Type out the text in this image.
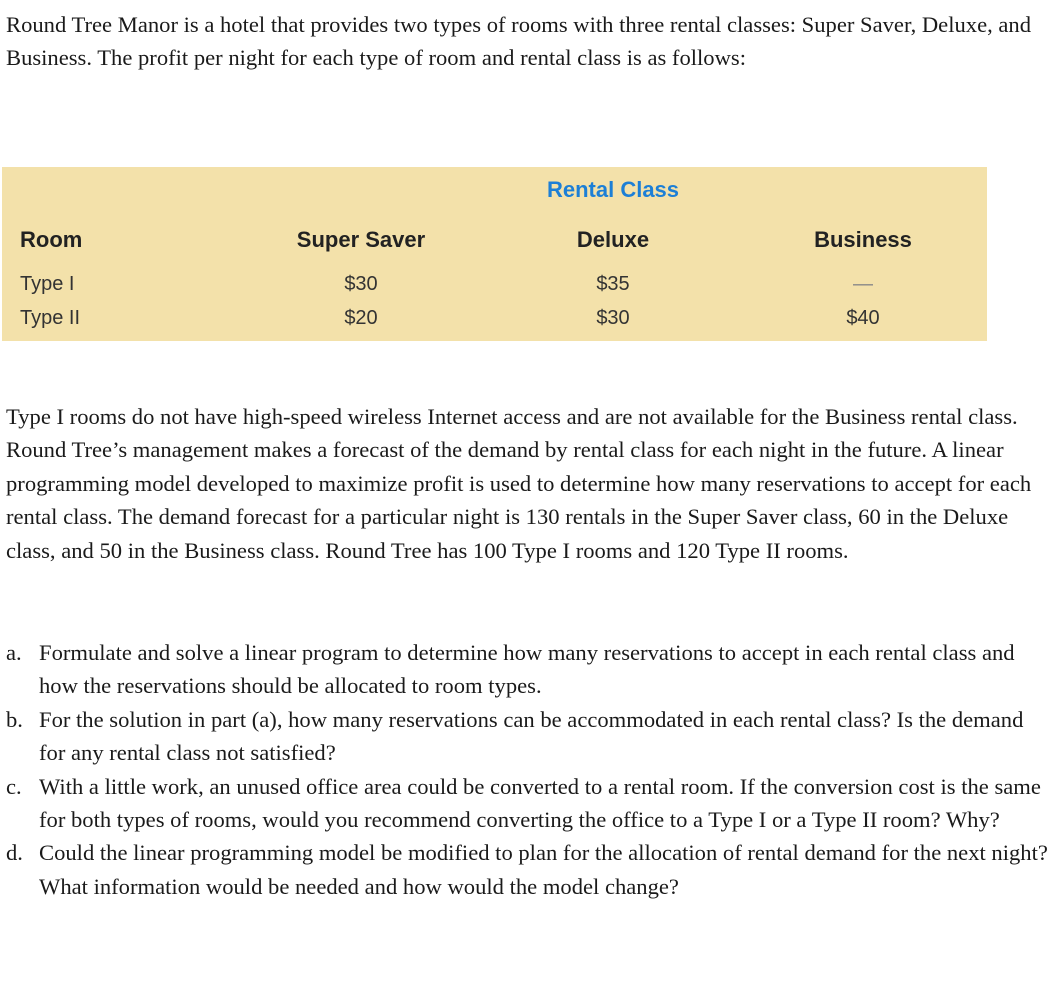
Round Tree Manor is a hotel that provides two types of rooms with three rental classes: Super Saver, Deluxe, and Business. The profit per night for each type of room and rental class is as follows:

Rental Class
Room	Super Saver	Deluxe	Business
Type I	$30	$35	—
Type II	$20	$30	$40

Type I rooms do not have high-speed wireless Internet access and are not available for the Business rental class. Round Tree’s management makes a forecast of the demand by rental class for each night in the future. A linear programming model developed to maximize profit is used to determine how many reservations to accept for each rental class. The demand forecast for a particular night is 130 rentals in the Super Saver class, 60 in the Deluxe class, and 50 in the Business class. Round Tree has 100 Type I rooms and 120 Type II rooms.

a. Formulate and solve a linear program to determine how many reservations to accept in each rental class and how the reservations should be allocated to room types.
b. For the solution in part (a), how many reservations can be accommodated in each rental class? Is the demand for any rental class not satisfied?
c. With a little work, an unused office area could be converted to a rental room. If the conversion cost is the same for both types of rooms, would you recommend converting the office to a Type I or a Type II room? Why?
d. Could the linear programming model be modified to plan for the allocation of rental demand for the next night? What information would be needed and how would the model change?
